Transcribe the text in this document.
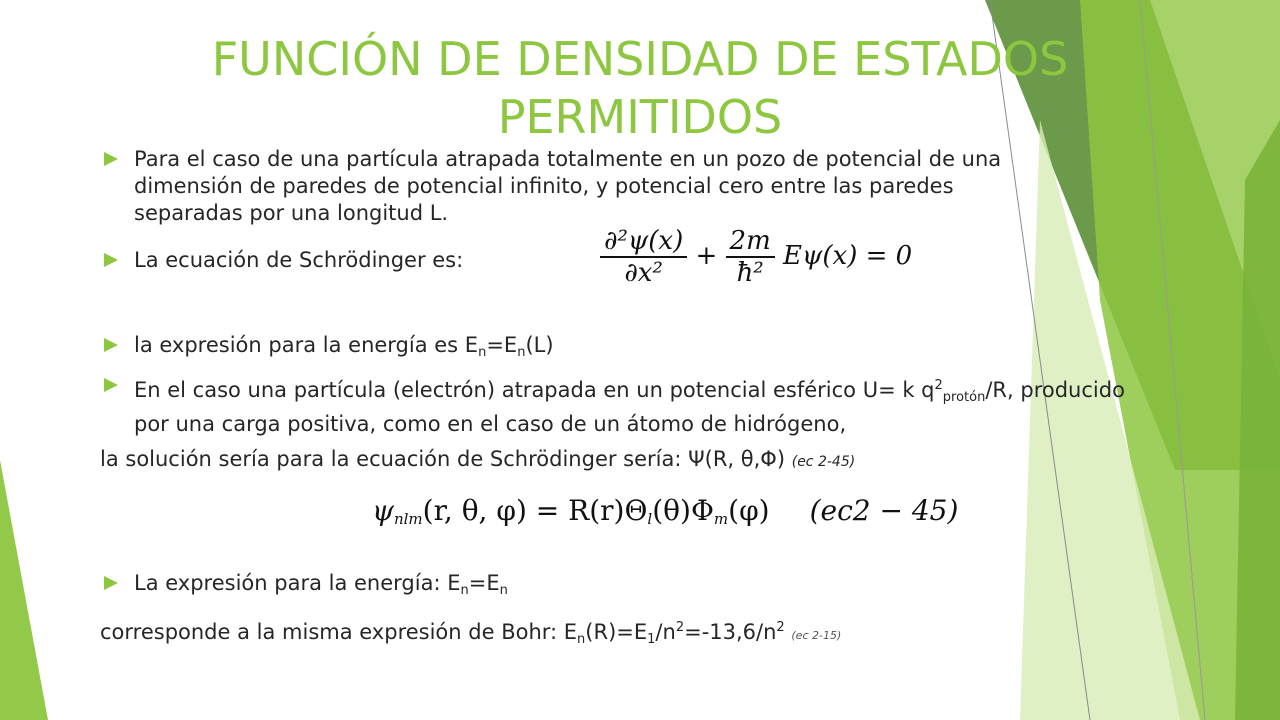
FUNCIÓN DE DENSIDAD DE ESTADOS PERMITIDOS

Para el caso de una partícula atrapada totalmente en un pozo de potencial de una dimensión de paredes de potencial infinito, y potencial cero entre las paredes separadas por una longitud L.

La ecuación de Schrödinger es:	$\frac{\text{∂²ψ(x)}}{\text{∂x²}} + \frac{2m}{\text{ħ²}} E\psi(x) = 0$

la expresión para la energía es $E_n=E_n(L)$

En el caso una partícula (electrón) atrapada en un potencial esférico U= k $q^2_{protón}/R$, producido por una carga positiva, como en el caso de un átomo de hidrógeno,

la solución sería para la ecuación de Schrödinger sería: Ψ(R, θ,Φ) (ec 2-45)

$\psi_{nlm}(r$, θ, $\varphi) = R(r)\Theta_l(\theta)\Phi_m(\varphi) (ec2 - 45)$

La expresión para la energía: $E_n=E_n$

corresponde a la misma expresión de Bohr: $E_n(R)=E_1/n^2=-13,6/n^2$ (ec 2-15)
